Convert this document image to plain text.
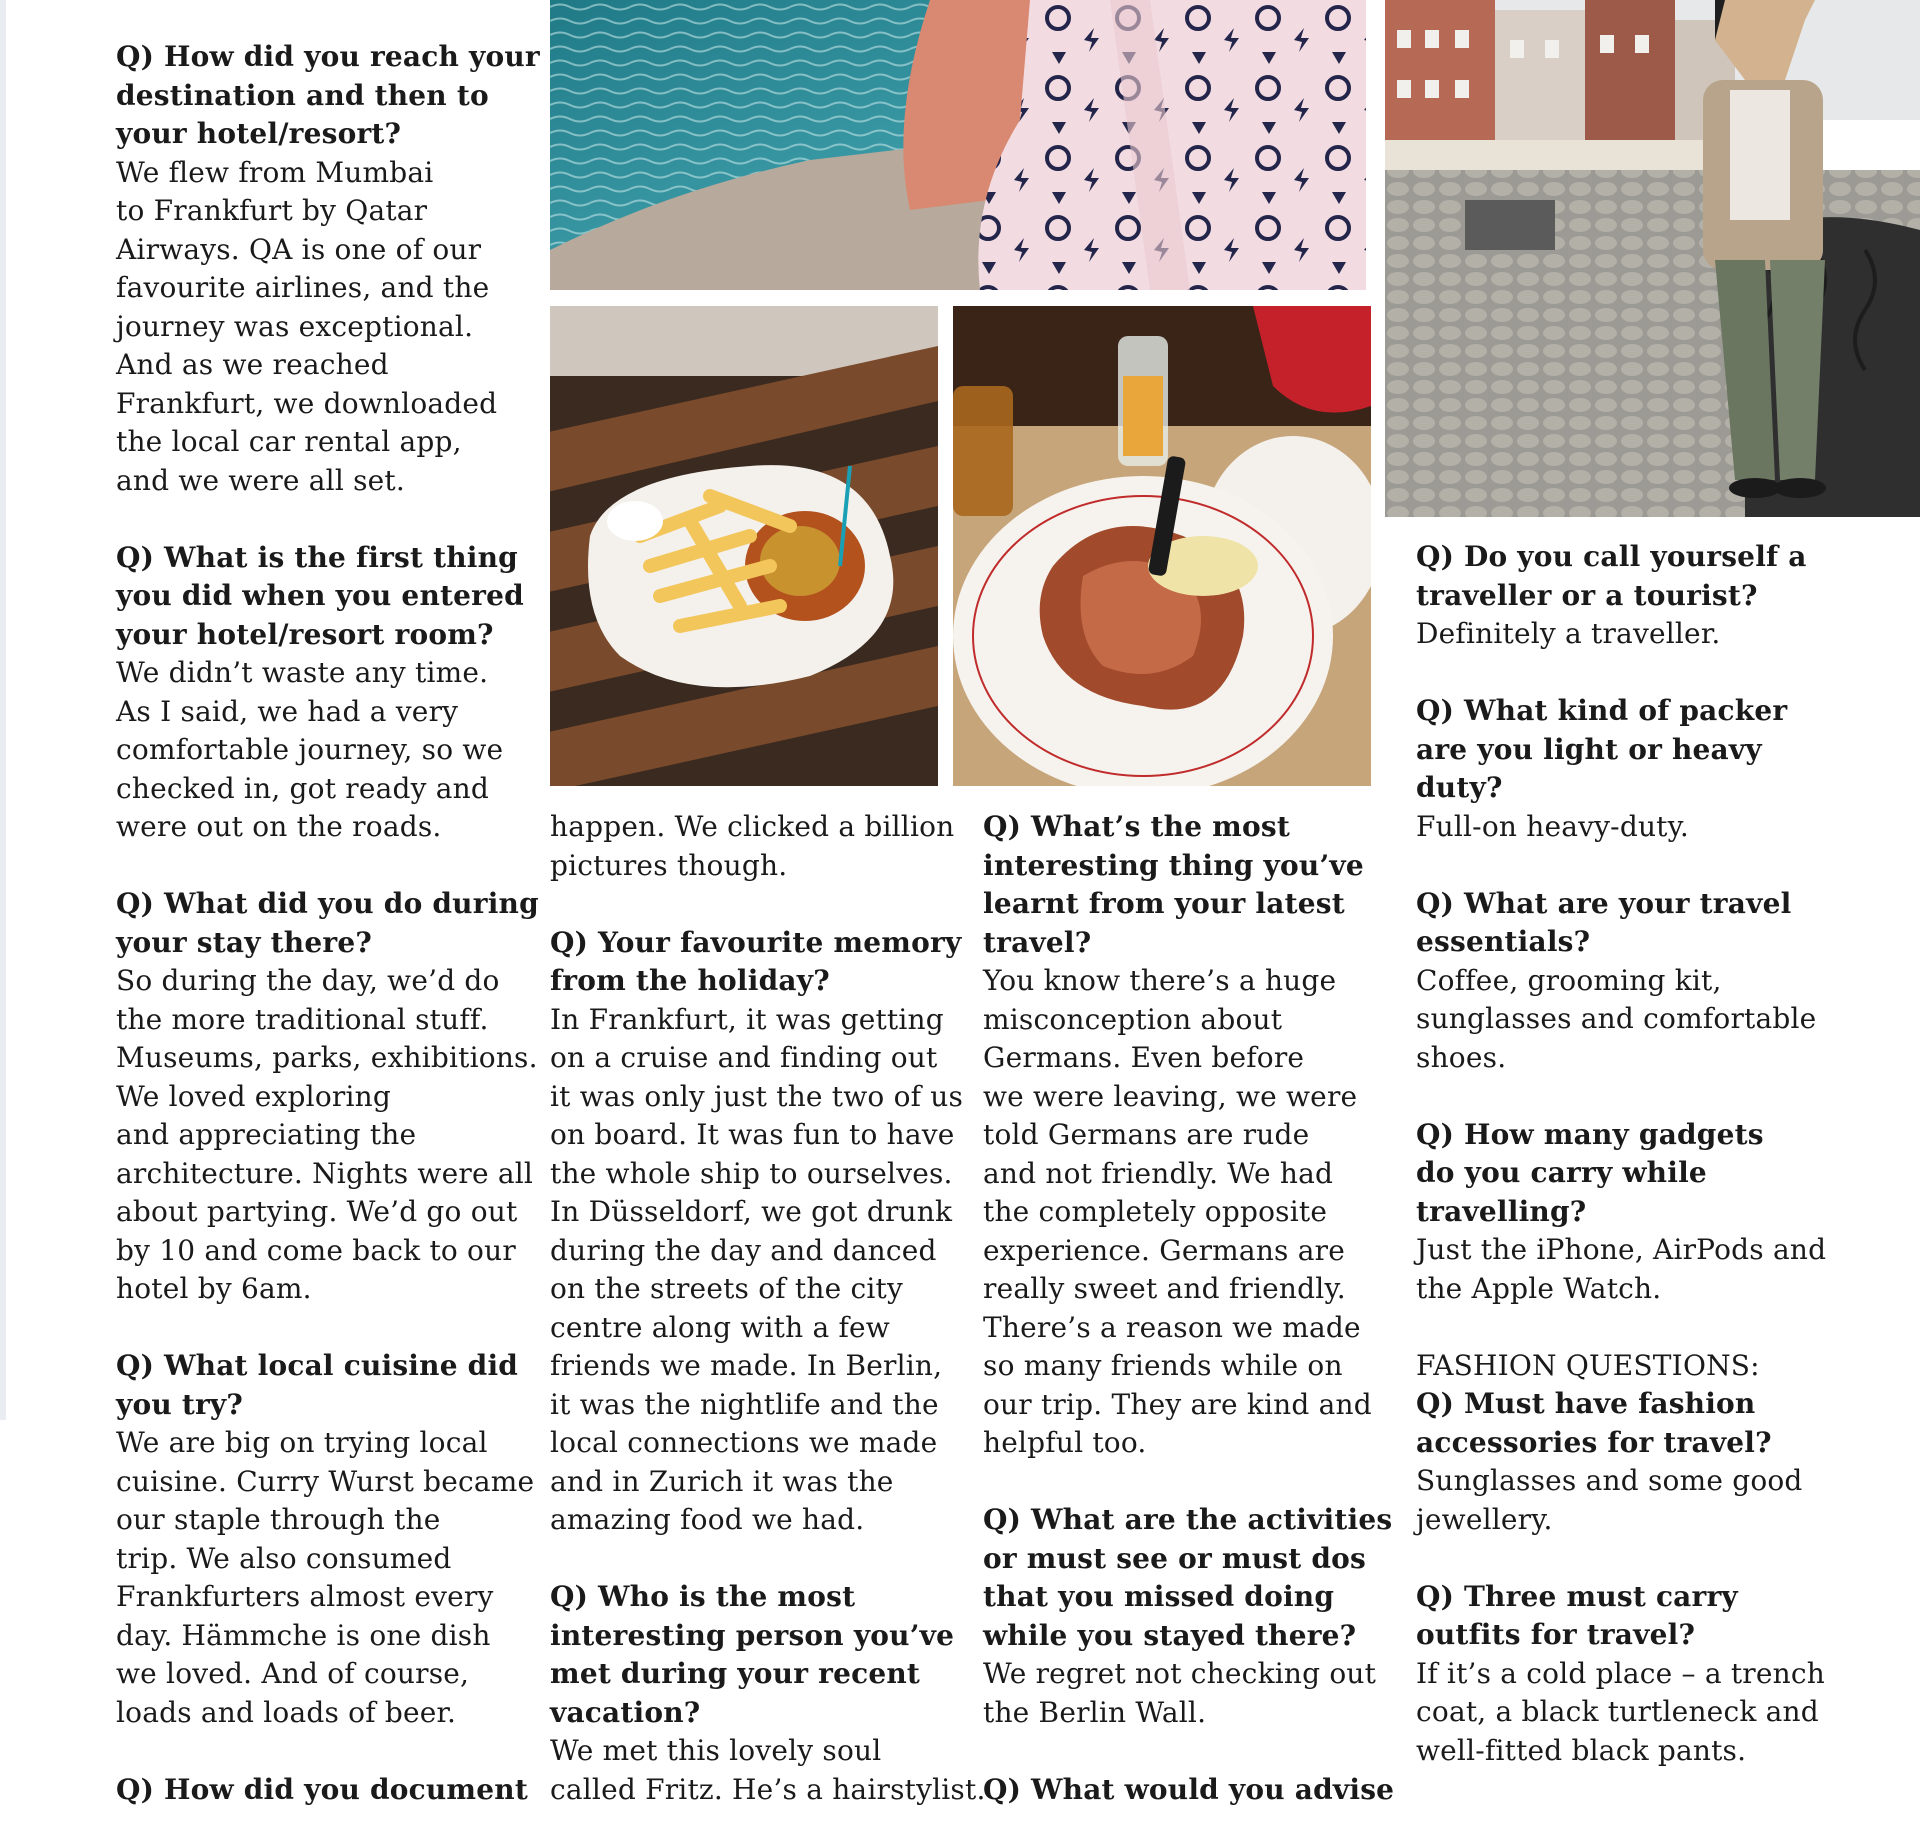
Q) How did you reach your
destination and then to
your hotel/resort?
We flew from Mumbai
to Frankfurt by Qatar
Airways. QA is one of our
favourite airlines, and the
journey was exceptional.
And as we reached
Frankfurt, we downloaded
the local car rental app,
and we were all set.
Q) What is the first thing
you did when you entered
your hotel/resort room?
We didn’t waste any time.
As I said, we had a very
comfortable journey, so we
checked in, got ready and
were out on the roads.
Q) What did you do during
your stay there?
So during the day, we’d do
the more traditional stuff.
Museums, parks, exhibitions.
We loved exploring
and appreciating the
architecture. Nights were all
about partying. We’d go out
by 10 and come back to our
hotel by 6am.
Q) What local cuisine did
you try?
We are big on trying local
cuisine. Curry Wurst became
our staple through the
trip. We also consumed
Frankfurters almost every
day. Hämmche is one dish
we loved. And of course,
loads and loads of beer.
Q) How did you document
happen. We clicked a billion
pictures though.
Q) Your favourite memory
from the holiday?
In Frankfurt, it was getting
on a cruise and finding out
it was only just the two of us
on board. It was fun to have
the whole ship to ourselves.
In Düsseldorf, we got drunk
during the day and danced
on the streets of the city
centre along with a few
friends we made. In Berlin,
it was the nightlife and the
local connections we made
and in Zurich it was the
amazing food we had.
Q) Who is the most
interesting person you’ve
met during your recent
vacation?
We met this lovely soul
called Fritz. He’s a hairstylist.
Q) What’s the most
interesting thing you’ve
learnt from your latest
travel?
You know there’s a huge
misconception about
Germans. Even before
we were leaving, we were
told Germans are rude
and not friendly. We had
the completely opposite
experience. Germans are
really sweet and friendly.
There’s a reason we made
so many friends while on
our trip. They are kind and
helpful too.
Q) What are the activities
or must see or must dos
that you missed doing
while you stayed there?
We regret not checking out
the Berlin Wall.
Q) What would you advise
Q) Do you call yourself a
traveller or a tourist?
Definitely a traveller.
Q) What kind of packer
are you light or heavy
duty?
Full-on heavy-duty.
Q) What are your travel
essentials?
Coffee, grooming kit,
sunglasses and comfortable
shoes.
Q) How many gadgets
do you carry while
travelling?
Just the iPhone, AirPods and
the Apple Watch.
FASHION QUESTIONS:
Q) Must have fashion
accessories for travel?
Sunglasses and some good
jewellery.
Q) Three must carry
outfits for travel?
If it’s a cold place – a trench
coat, a black turtleneck and
well-fitted black pants.
